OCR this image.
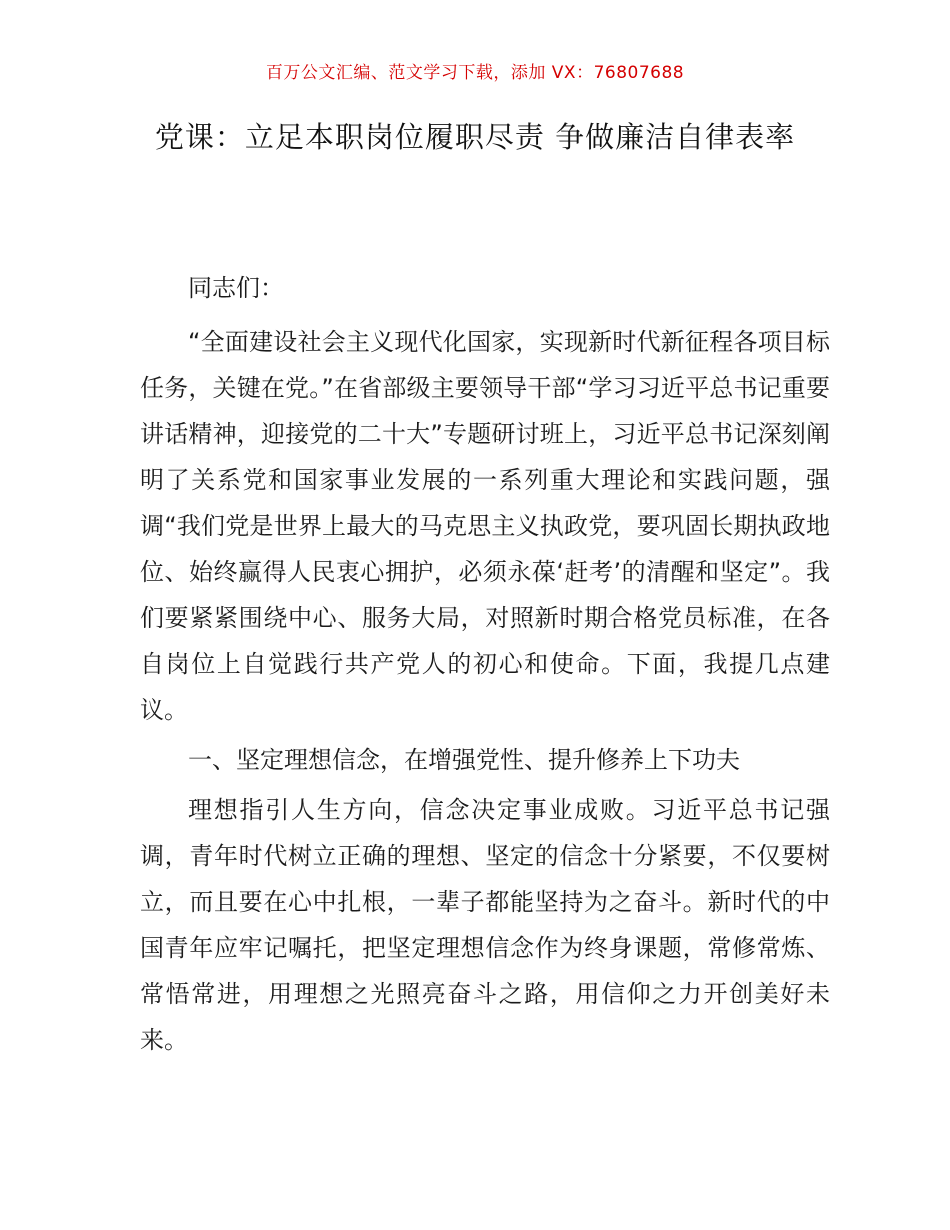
百万公文汇编、范文学习下载，添加 VX：76807688
党课：立足本职岗位履职尽责 争做廉洁自律表率

同志们：

“全面建设社会主义现代化国家，实现新时代新征程各项目标任务，关键在党。”在省部级主要领导干部“学习习近平总书记重要讲话精神，迎接党的二十大”专题研讨班上，习近平总书记深刻阐明了关系党和国家事业发展的一系列重大理论和实践问题，强调“我们党是世界上最大的马克思主义执政党，要巩固长期执政地位、始终赢得人民衷心拥护，必须永葆‘赶考’的清醒和坚定”。我们要紧紧围绕中心、服务大局，对照新时期合格党员标准，在各自岗位上自觉践行共产党人的初心和使命。下面，我提几点建议。

一、坚定理想信念，在增强党性、提升修养上下功夫

理想指引人生方向，信念决定事业成败。习近平总书记强调，青年时代树立正确的理想、坚定的信念十分紧要，不仅要树立，而且要在心中扎根，一辈子都能坚持为之奋斗。新时代的中国青年应牢记嘱托，把坚定理想信念作为终身课题，常修常炼、常悟常进，用理想之光照亮奋斗之路，用信仰之力开创美好未来。
